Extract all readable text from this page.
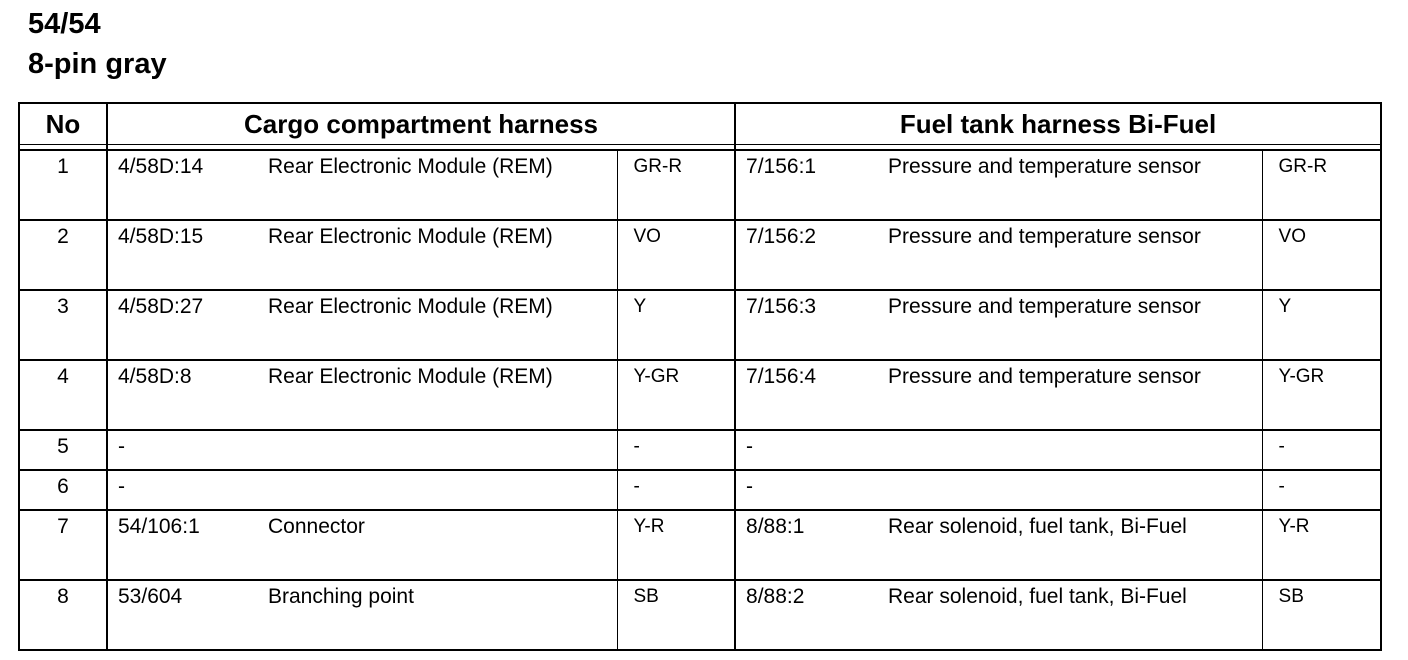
54/54
8-pin gray
No	Cargo compartment harness		Fuel tank harness Bi-Fuel	

1	4/58D:14 Rear Electronic Module (REM)	GR-R	7/156:1 Pressure and temperature sensor	GR-R
2	4/58D:15 Rear Electronic Module (REM)	VO	7/156:2 Pressure and temperature sensor	VO
3	4/58D:27 Rear Electronic Module (REM)	Y	7/156:3 Pressure and temperature sensor	Y
4	4/58D:8 Rear Electronic Module (REM)	Y-GR	7/156:4 Pressure and temperature sensor	Y-GR
5	-	-	-	-
6	-	-	-	-
7	54/106:1 Connector	Y-R	8/88:1 Rear solenoid, fuel tank, Bi-Fuel	Y-R
8	53/604 Branching point	SB	8/88:2 Rear solenoid, fuel tank, Bi-Fuel	SB
